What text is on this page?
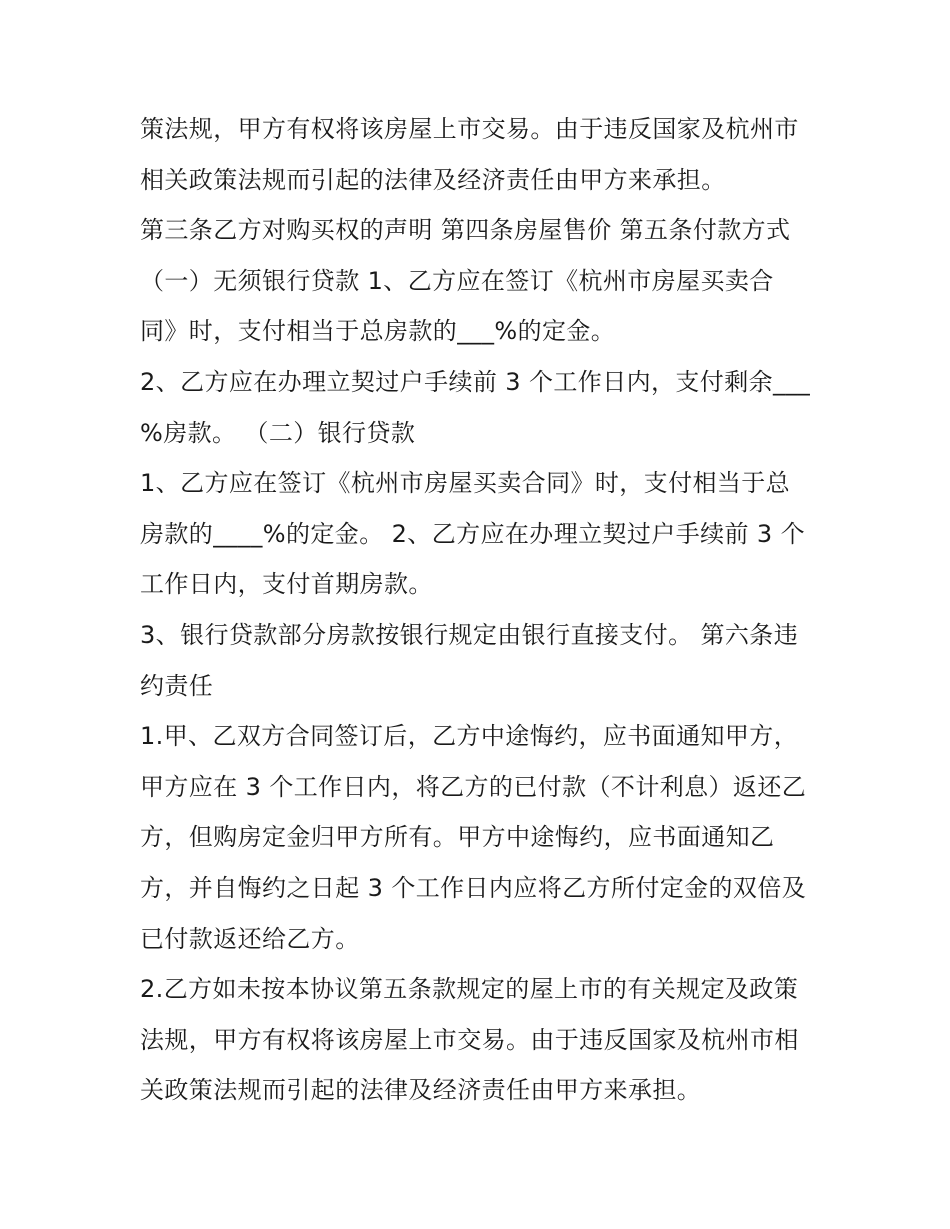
策法规，甲方有权将该房屋上市交易。由于违反国家及杭州市
相关政策法规而引起的法律及经济责任由甲方来承担。

第三条乙方对购买权的声明 第四条房屋售价 第五条付款方式
（一）无须银行贷款 1、乙方应在签订《杭州市房屋买卖合
同》时，支付相当于总房款的___%的定金。

2、乙方应在办理立契过户手续前 3 个工作日内，支付剩余___
%房款。 （二）银行贷款

1、乙方应在签订《杭州市房屋买卖合同》时，支付相当于总
房款的____%的定金。 2、乙方应在办理立契过户手续前 3 个
工作日内，支付首期房款。

3、银行贷款部分房款按银行规定由银行直接支付。 第六条违
约责任

1.甲、乙双方合同签订后，乙方中途悔约，应书面通知甲方，
甲方应在 3 个工作日内，将乙方的已付款（不计利息）返还乙
方，但购房定金归甲方所有。甲方中途悔约，应书面通知乙
方，并自悔约之日起 3 个工作日内应将乙方所付定金的双倍及
已付款返还给乙方。

2.乙方如未按本协议第五条款规定的屋上市的有关规定及政策
法规，甲方有权将该房屋上市交易。由于违反国家及杭州市相
关政策法规而引起的法律及经济责任由甲方来承担。
